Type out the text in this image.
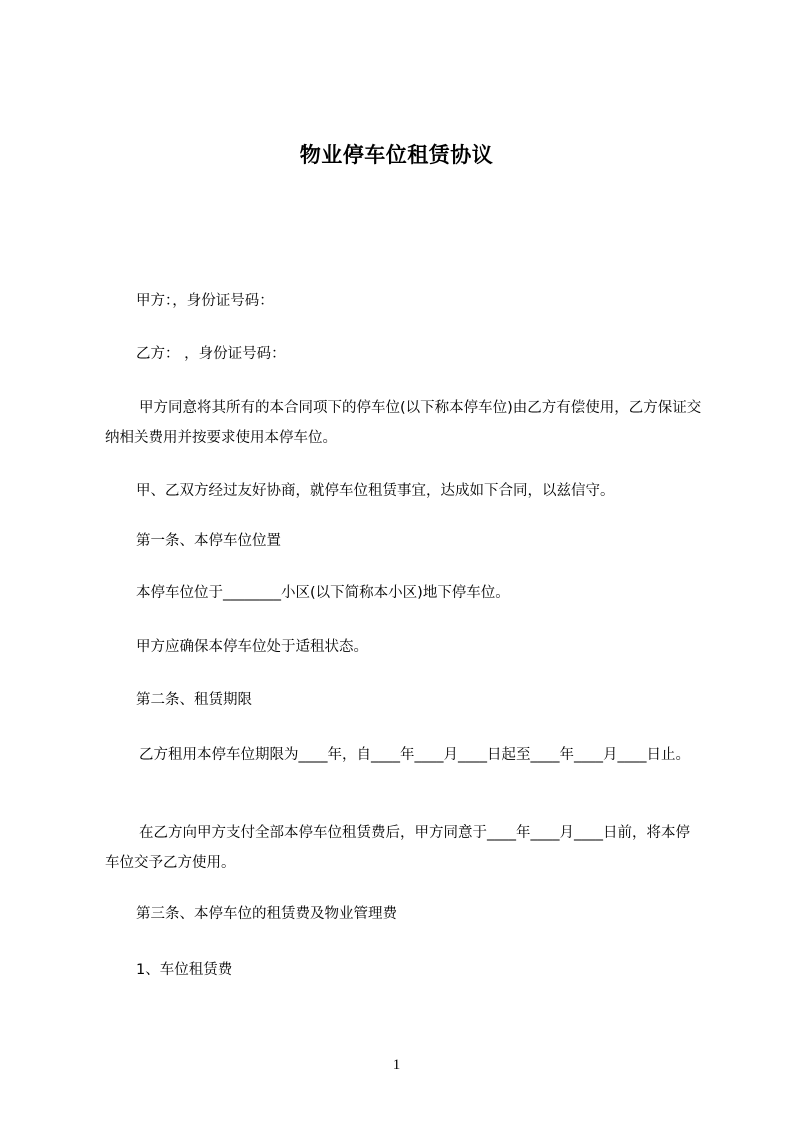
物业停车位租赁协议
甲方：，身份证号码：
乙方： ，身份证号码：
甲方同意将其所有的本合同项下的停车位(以下称本停车位)由乙方有偿使用，乙方保证交纳相关费用并按要求使用本停车位。
甲、乙双方经过友好协商，就停车位租赁事宜，达成如下合同，以兹信守。
第一条、本停车位位置
本停车位位于________小区(以下简称本小区)地下停车位。
甲方应确保本停车位处于适租状态。
第二条、租赁期限
乙方租用本停车位期限为____年，自____年____月____日起至____年____月____日止。
在乙方向甲方支付全部本停车位租赁费后，甲方同意于____年____月____日前，将本停车位交予乙方使用。
第三条、本停车位的租赁费及物业管理费
1、车位租赁费
1
